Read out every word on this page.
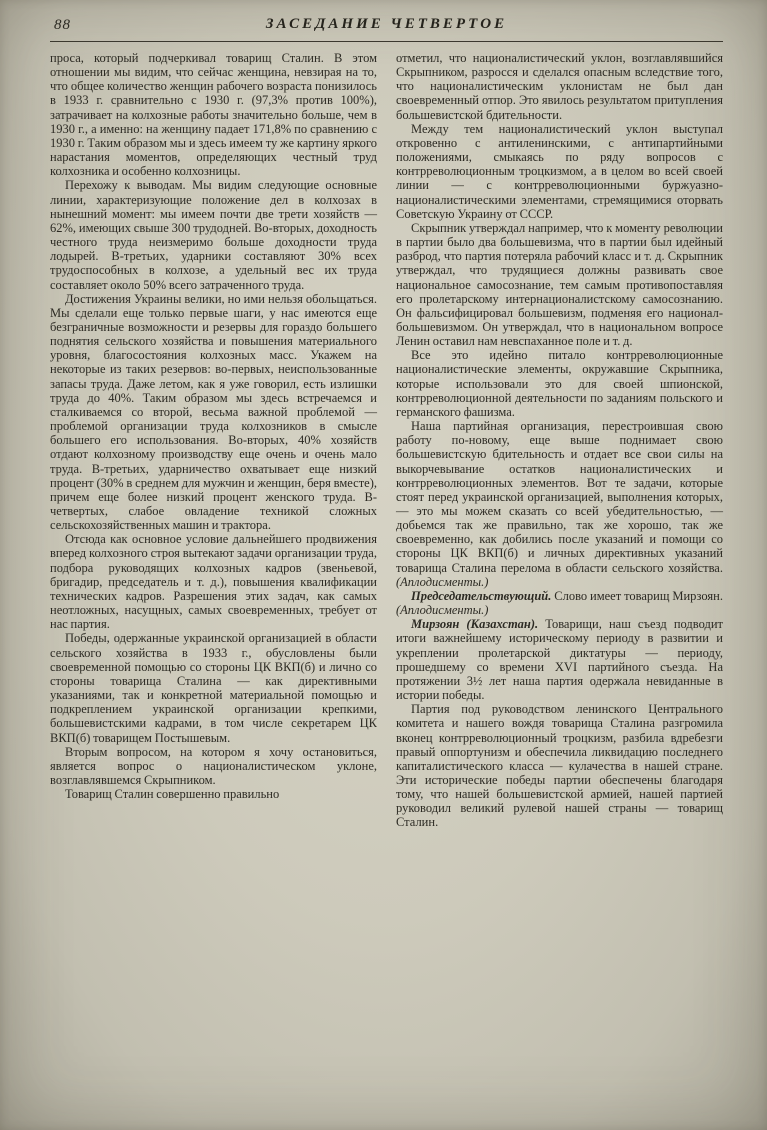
88	ЗАСЕДАНИЕ ЧЕТВЕРТОЕ

проса, который подчеркивал товарищ Сталин. В этом отношении мы видим, что сейчас женщина, невзирая на то, что общее количество женщин рабочего возраста понизилось в 1933 г. сравнительно с 1930 г. (97,3% против 100%), затрачивает на колхозные работы значительно больше, чем в 1930 г., а именно: на женщину падает 171,8% по сравнению с 1930 г. Таким образом мы и здесь имеем ту же картину яркого нарастания моментов, определяющих честный труд колхозника и особенно колхозницы.

Перехожу к выводам. Мы видим следующие основные линии, характеризующие положение дел в колхозах в нынешний момент: мы имеем почти две трети хозяйств — 62%, имеющих свыше 300 трудодней. Во-вторых, доходность честного труда неизмеримо больше доходности труда лодырей. В-третьих, ударники составляют 30% всех трудоспособных в колхозе, а удельный вес их труда составляет около 50% всего затраченного труда.

Достижения Украины велики, но ими нельзя обольщаться. Мы сделали еще только первые шаги, у нас имеются еще безграничные возможности и резервы для гораздо большего поднятия сельского хозяйства и повышения материального уровня, благосостояния колхозных масс. Укажем на некоторые из таких резервов: во-первых, неиспользованные запасы труда. Даже летом, как я уже говорил, есть излишки труда до 40%. Таким образом мы здесь встречаемся и сталкиваемся со второй, весьма важной проблемой — проблемой организации труда колхозников в смысле большего его использования. Во-вторых, 40% хозяйств отдают колхозному производству еще очень и очень мало труда. В-третьих, ударничество охватывает еще низкий процент (30% в среднем для мужчин и женщин, беря вместе), причем еще более низкий процент женского труда. В-четвертых, слабое овладение техникой сложных сельскохозяйственных машин и трактора.

Отсюда как основное условие дальнейшего продвижения вперед колхозного строя вытекают задачи организации труда, подбора руководящих колхозных кадров (звеньевой, бригадир, председатель и т. д.), повышения квалификации технических кадров. Разрешения этих задач, как самых неотложных, насущных, самых своевременных, требует от нас партия.

Победы, одержанные украинской организацией в области сельского хозяйства в 1933 г., обусловлены были своевременной помощью со стороны ЦК ВКП(б) и лично со стороны товарища Сталина — как директивными указаниями, так и конкретной материальной помощью и подкреплением украинской организации крепкими, большевистскими кадрами, в том числе секретарем ЦК ВКП(б) товарищем Постышевым.

Вторым вопросом, на котором я хочу остановиться, является вопрос о националистическом уклоне, возглавлявшемся Скрыпником.

Товарищ Сталин совершенно правильно

отметил, что националистический уклон, возглавлявшийся Скрыпником, разросся и сделался опасным вследствие того, что националистическим уклонистам не был дан своевременный отпор. Это явилось результатом притупления большевистской бдительности.

Между тем националистический уклон выступал откровенно с антиленинскими, с антипартийными положениями, смыкаясь по ряду вопросов с контрреволюционным троцкизмом, а в целом во всей своей линии — с контрреволюционными буржуазно-националистическими элементами, стремящимися оторвать Советскую Украину от СССР.

Скрыпник утверждал например, что к моменту революции в партии было два большевизма, что в партии был идейный разброд, что партия потеряла рабочий класс и т. д. Скрыпник утверждал, что трудящиеся должны развивать свое национальное самосознание, тем самым противопоставляя его пролетарскому интернационалистскому самосознанию. Он фальсифицировал большевизм, подменяя его национал-большевизмом. Он утверждал, что в национальном вопросе Ленин оставил нам невспаханное поле и т. д.

Все это идейно питало контрреволюционные националистические элементы, окружавшие Скрыпника, которые использовали это для своей шпионской, контрреволюционной деятельности по заданиям польского и германского фашизма.

Наша партийная организация, перестроившая свою работу по-новому, еще выше поднимает свою большевистскую бдительность и отдает все свои силы на выкорчевывание остатков националистических и контрреволюционных элементов. Вот те задачи, которые стоят перед украинской организацией, выполнения которых, — это мы можем сказать со всей убедительностью, — добьемся так же правильно, так же хорошо, так же своевременно, как добились после указаний и помощи со стороны ЦК ВКП(б) и личных директивных указаний товарища Сталина перелома в области сельского хозяйства. (Аплодисменты.)

Председательствующий. Слово имеет товарищ Мирзоян. (Аплодисменты.)

Мирзоян (Казахстан). Товарищи, наш съезд подводит итоги важнейшему историческому периоду в развитии и укреплении пролетарской диктатуры — периоду, прошедшему со времени XVI партийного съезда. На протяжении 3½ лет наша партия одержала невиданные в истории победы.

Партия под руководством ленинского Центрального комитета и нашего вождя товарища Сталина разгромила вконец контрреволюционный троцкизм, разбила вдребезги правый оппортунизм и обеспечила ликвидацию последнего капиталистического класса — кулачества в нашей стране. Эти исторические победы партии обеспечены благодаря тому, что нашей большевистской армией, нашей партией руководил великий рулевой нашей страны — товарищ Сталин.
